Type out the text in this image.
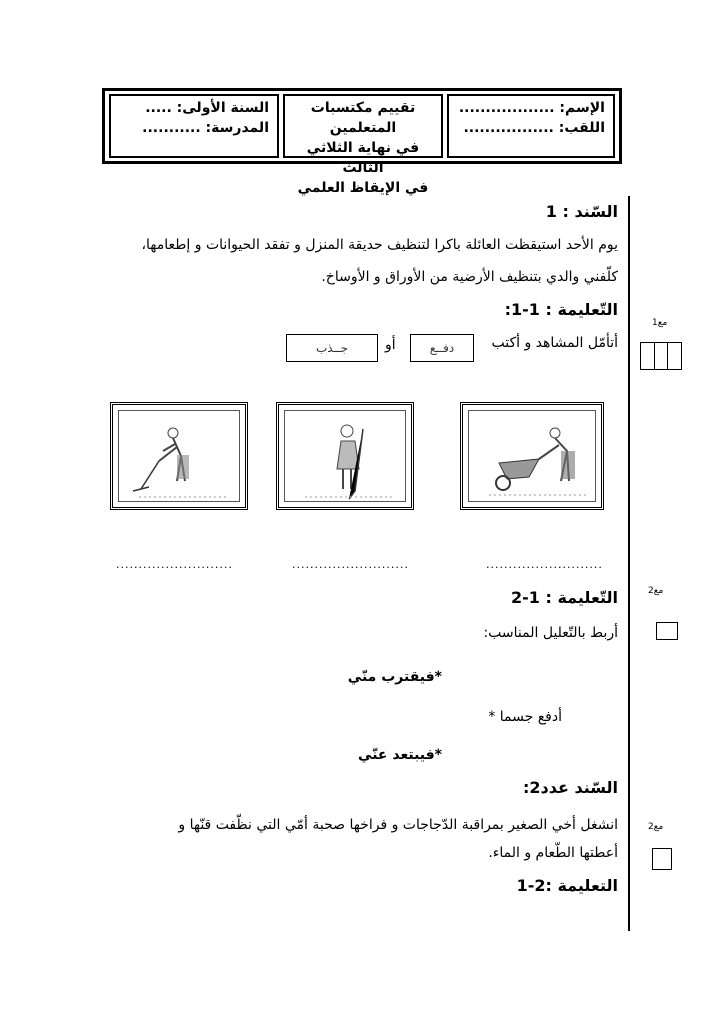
السنة الأولى: .....
المدرسة: ...........
تقييم مكتسبات المتعلمين
في نهاية الثلاثي الثالث
في الإيقاظ العلمي
الإسم: ..................
اللقب: .................
مع1
مع2
مع2
السّند : 1
يوم الأحد استيقظت العائلة باكرا لتنظيف حديقة المنزل و تفقد الحيوانات و إطعامها،
كلّفني والدي بتنظيف الأرضية من الأوراق و الأوساخ.
التّعليمة : 1-1:
أتأمّل المشاهد و أكتب
دفــع
أو
جــذب
..........................	..........................	..........................
التّعليمة : 1-2
أربط بالتّعليل المناسب:
*فيقترب منّي
أدفع جسما *
*فيبتعد عنّي
السّند عدد2:
انشغل أخي الصغير بمراقبة الدّجاجات و فراخها صحبة أمّي التي نظّفت قنّها و
أعطتها الطّعام و الماء.
التعليمة :2-1
